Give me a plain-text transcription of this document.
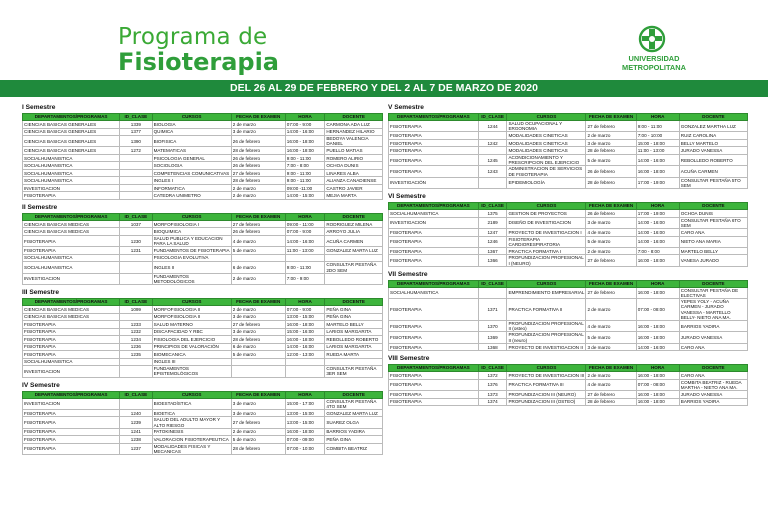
Programa de
Fisioterapia	UNIVERSIDAD
METROPOLITANA
DEL 26 AL 29 DE FEBRERO Y DEL 2 AL 7 DE MARZO DE 2020
I Semestre
DEPARTAMENTOS/PROGRAMAS	ID_CLASE	CURSOS	FECHA DE EXAMEN	HORA	DOCENTE
CIENCIAS BASICAS GENERALES	1339	BIOLOGIA	2 de marzo	07:00 - 9:00	CARMONA ADA LUZ
CIENCIAS BASICAS GENERALES	1377	QUIMICA	3 de marzo	14:00 - 16:00	HERNANDEZ HILARIO
CIENCIAS BASICAS GENERALES	1390	BIOFISICA	26 de febrero	16:00 - 18:00	BEDOYA VALENCIA DANIEL
CIENCIAS BASICAS GENERALES	1272	MATEMATICAS	28 de febrero	16:00 - 18:00	PUELLO MATIAS
SOCIALHUMANISTICA		PSICOLOGIA GENERAL	26 de febrero	9:00 - 11:00	ROMERO ALIRIO
SOCIALHUMANISTICA		SOCIOLOGIA	26 de febrero	7:00 - 8:00	OCHOA DUNIS
SOCIALHUMANISTICA		COMPETENCIAS COMUNICATIVAS	27 de febrero	9:00 - 11:00	LINARES ALBA
SOCIALHUMANISTICA		INGLES I	28 de febrero	9:00 - 11:00	ALIANZA CANADIENSE
INVESTIGACION		INFORMATICA	2 de marzo	09:00 -11:00	CASTRO JAVIER
FISIOTERAPIA		CATEDRA UNIMETRO	2 de marzo	14:00 - 15:00	MEJIA MARTA
II Semestre
DEPARTAMENTOS/PROGRAMAS	ID_CLASE	CURSOS	FECHA DE EXAMEN	HORA	DOCENTE
CIENCIAS BASICAS MEDICAS	1037	MORFOFISIOLOGIA I	27 de febrero	09:00 - 11:00	RODRIGUEZ MILENA
CIENCIAS BASICAS MEDICAS		BIOQUIMICA	26 de febrero	07:00 - 9:00	ARROYO JULIA
FISIOTERAPIA	1230	SALUD PUBLICA Y EDUCACION PARA LA SALUD	4 de marzo	14:00 - 16:00	ACUÑA CARMEN
FISIOTERAPIA	1231	FUNDAMENTOS DE FISIOTERAPIA	5 de marzo	11:00 - 13:00	GONZALEZ MARTA LUZ
SOCIALHUMANISTICA		PSICOLOGIA EVOLUTIVA			
SOCIALHUMANISTICA		INGLES II	6 de marzo	9:00 - 11:00	CONSULTAR PESTAÑA 2DO SEM
INVESTIGACION		FUNDAMENTOS METODOLÓGICOS	2 de marzo	7:00 - 9:00	
III Semestre
DEPARTAMENTOS/PROGRAMAS	ID_CLASE	CURSOS	FECHA DE EXAMEN	HORA	DOCENTE
CIENCIAS BASICAS MEDICAS	1099	MORFOFISIOLOGIA II	2 de marzo	07:00 - 9:00	PEÑA GINA
CIENCIAS BASICAS MEDICAS		MORFOFISIOLOGIA II	3 de marzo	13:00 - 15:00	PEÑA GINA
FISIOTERAPIA	1233	SALUD MATERNO	27 de febrero	16:00 - 18:00	MARTELO BELLY
FISIOTERAPIA	1232	DISCAPACIDAD Y RBC	3 de marzo	15:00 - 16:00	LARIOS MARGARITA
FISIOTERAPIA	1234	FISIOLOGIA DEL EJERCICIO	28 de febrero	16:00 - 18:00	REBOLLEDO ROBERTO
FISIOTERAPIA	1236	PRINCIPIOS DE VALORACIÓN	6 de marzo	14:00 - 16:00	LARIOS MARGARITA
FISIOTERAPIA	1235	BIOMECANICA	5 de marzo	12:00 - 13:00	RUEDA MARTA
SOCIALHUMANISTICA		INGLES III			
INVESTIGACION		FUNDAMENTOS EPISTEMOLÓGICOS			CONSULTAR PESTAÑA 3ER SEM
IV Semestre
DEPARTAMENTOS/PROGRAMAS	ID_CLASE	CURSOS	FECHA DE EXAMEN	HORA	DOCENTE
INVESTIGACION		BIOESTADÍSTICA	3 de marzo	15:00 - 17:00	CONSULTAR PESTAÑA 4TO SEM
FISIOTERAPIA	1240	BIOETICA	3 de marzo	13:00 - 15:00	GONZALEZ MARTA LUZ
FISIOTERAPIA	1239	SALUD DEL ADULTO MAYOR Y ALTO RIESGO	27 de febrero	13:00 - 15:00	SUAREZ OLGA
FISIOTERAPIA	1241	PATOKINESIS	2 de marzo	16:00 - 18:00	BARRIOS YADIRA
FISIOTERAPIA	1238	VALORACION FISIOTERAPEUTICA	5 de marzo	07:00 - 09:00	PEÑA GINA
FISIOTERAPIA	1237	MODALIDADES FISICAS Y MECANICAS	28 de febrero	07:00 - 10:00	COMBITA BEATRIZ
V Semestre
DEPARTAMENTOS/PROGRAMAS	ID_CLASE	CURSOS	FECHA DE EXAMEN	HORA	DOCENTE
FISIOTERAPIA	1244	SALUD OCUPACIONAL Y ERGONOMIA	27 de febrero	9:00 - 11:00	GONZALEZ MARTHA LUZ
FISIOTERAPIA		MODALIDADES CINETICAS	2 de marzo	7:00 - 10:00	RUIZ CAROLINA
FISIOTERAPIA	1242	MODALIDADES CINETICAS	3 de marzo	15:00 - 18:00	BELLY MARTELO
FISIOTERAPIA		MODALIDADES CINETICAS	28 de febrero	11:00 - 13:00	JURADO VANESSA
FISIOTERAPIA	1245	ACONDICIONAMIENTO Y PRESCRIPCION DEL EJERCICIO	5 de marzo	14:00 - 16:00	REBOLLEDO ROBERTO
FISIOTERAPIA	1243	ADMINISTRACION DE SERVICIOS DE FISIOTERAPIA	26 de febrero	16:00 - 18:00	ACUÑA CARMEN
INVESTIGACIÓN		EPIDEMIOLOGÍA	28 de febrero	17:00 - 19:00	CONSULTAR PESTAÑA 5TO SEM
VI Semestre
DEPARTAMENTOS/PROGRAMAS	ID_CLASE	CURSOS	FECHA DE EXAMEN	HORA	DOCENTE
SOCIALHUMANISTICA	1375	GESTION DE PROYECTOS	26 de febrero	17:00 - 19:00	OCHOA DUNIS
INVESTIGACION	2189	DISEÑO DE INVESTIGACION	3 de marzo	14:00 - 16:00	CONSULTAR PESTAÑA 6TO SEM
FISIOTERAPIA	1247	PROYECTO DE INVESTIGACION I	4 de marzo	14:00 - 16:00	CARO ANA
FISIOTERAPIA	1246	FISIOTERAPIA CARDIORESPIRATORIA	5 de marzo	14:00 - 16:00	NIETO ANA MARIA
FISIOTERAPIA	1367	PRACTICA FORMATIVA I	2 de marzo	7:00 - 8:00	MARTELO BELLY
FISIOTERAPIA	1366	PROFUNDIZACION PROFESIONAL I (NEURO)	27 de febrero	16:00 - 18:00	VANESA JURADO
VII Semestre
DEPARTAMENTOS/PROGRAMAS	ID_CLASE	CURSOS	FECHA DE EXAMEN	HORA	DOCENTE
SOCIALHUMANISTICA		EMPRENDIMIENTO EMPRESARIAL	27 de febrero	16:00 - 18:00	CONSULTAR PESTAÑA DE ELECTIVAS
FISIOTERAPIA	1371	PRACTICA FORMATIVA II	2 de marzo	07:00 - 08:00	YEPES YOLY - ACUÑA CARMEN - JURADO VANESSA - MARTELLO BELLY- NIETO ANA MA.
FISIOTERAPIA	1370	PROFUNDIZACION PROFESIONAL II (osteo)	4 de marzo	16:00 - 18:00	BARRIOS YADIRA
FISIOTERAPIA	1369	PROFUNDIZACION PROFESIONAL II (neuro)	5 de marzo	16:00 - 18:00	JURADO VANESSA
FISIOTERAPIA	1368	PROYECTO DE INVESTIGACION II	3 de marzo	14:00 - 16:00	CARO ANA
VIII Semestre
DEPARTAMENTOS/PROGRAMAS	ID_CLASE	CURSOS	FECHA DE EXAMEN	HORA	DOCENTE
FISIOTERAPIA	1372	PROYECTO DE INVESTIGACION III	2 de marzo	16:00 - 18:00	CARO ANA
FISIOTERAPIA	1376	PRACTICA FORMATIVA III	4 de marzo	07:00 - 08:00	COMBITA BEATRIZ - RUEDA MARTHA - NIETO ANA MA.
FISIOTERAPIA	1373	PROFUNDIZACION III (NEURO)	27 de febrero	16:00 - 18:00	JURADO VANESSA
FISIOTERAPIA	1374	PROFUNDIZACION III (OSTEO)	28 de febrero	16:00 - 18:00	BARRIOS YADIRA
